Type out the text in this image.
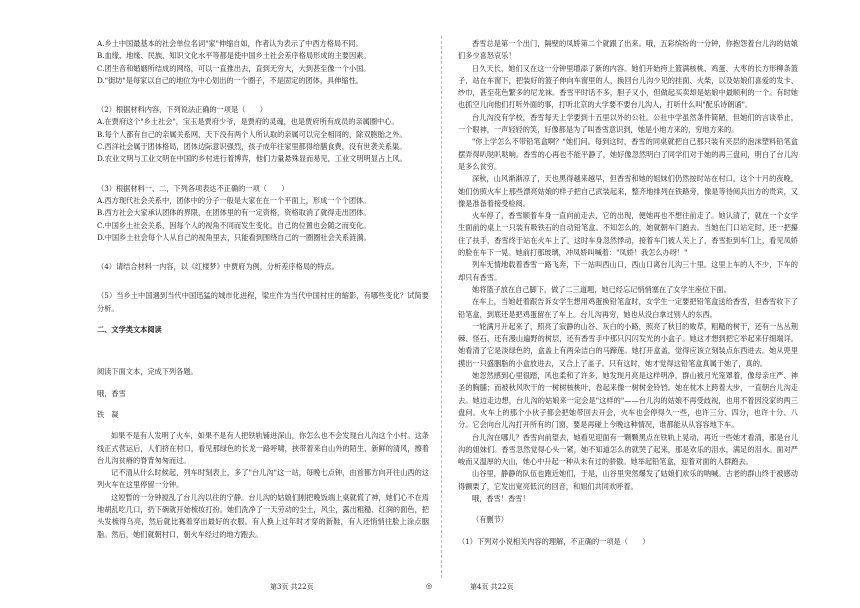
A.乡土中国最基本的社会单位名词"家"伸缩自如，作者认为表示了中西方格局不同。

B.血缘、地缘、民族、知识文化水平等都是使中国乡土社会差序格局形成的主要因素。

C.团生音和婚姻所结成的网络，可以一直推出去，直到无穷大，大到甚至像一个小国。

D."街坊"是每家以自己的地位为中心划出的一个圈子，不是固定的团体，具伸缩性。

（2）根据材料内容，下列说法正确的一项是（　　）

A.在贾府这个"乡土社会"，宝玉是贾府少爷，是贾府的灵魂，也是贾府所有成员的亲属圈中心。

B.每个人都有自己的亲属关系网，天下没有两个人所认取的亲属可以完全相同的，除双胞胎之外。

C.西洋社会属于团体格局，团体边际意识强烈，孩子成年往家里都得给膳食费，没有世袭关系渠。

D.农业文明与工业文明在中国的乡村进行着博弈，他们力量悬殊显而易见，工业文明明显占上风。

（3）根据材料一、二，下列各项表达不正确的一项（　　）

A.西方现代社会关系中，团体中的分子一般是大家在在一个平面上，形成一个个团体。

B.西方社会大家承认团体的界限，在团体里的有一定资格，资格取消了就得走出团体。

C.中国乡土社会关系，因每个人的视角不同而发生变化，自己的位置也会随之而变化。

D.中国乡土社会每个人从自己的视角里去，只能看到围绕自己的一圈圈社会关系涟漪。

（4）请结合材料一内容，以《红楼梦》中贾府为例，分析差序格局的特点。

（5）当乡土中国遇到当代中国迅猛的城市化进程，梁庄作为当代中国村庄的缩影，有哪些变化？试简要分析。

二、文学类文本阅读

阅读下面文本，完成下列各题。

哦，香雪

铁　凝

如果不是有人发明了火车，如果不是有人把铁轨铺进深山，你怎么也不会发现台儿沟这个小村。这条线正式营运后，人们挤在村口，看见那绿色的长龙一路呼啸，挟带着来自山外的陌生、新鲜的清风，擦着台儿沟贫瘠的脊背匆匆而过。

记不清从什么时候起，列车时刻表上，多了"台儿沟"这一站，每晚七点钟，由首都方向开往山西的这列火车在这里停留一分钟。

这短暂的一分钟搅乱了台儿沟以往的宁静。台儿沟的姑娘们刚把晚饭端上桌就慌了神，她们心不在焉地胡乱吃几口，扔下碗就开始梳妆打扮。她们洗净了一天劳动的尘土，风尘，露出粗糙、红润的面色，把头发梳得乌亮，然后就比赛着穿出最好的衣服。有人换上过年时才穿的新鞋，有人还悄悄往脸上涂点胭脂。然后，她们就朝村口，朝火车经过的地方跑去。

香雪总是第一个出门，隔壁的凤娇第二个就跟了出来。哦，五彩缤纷的一分钟，你抱怨着台儿沟的姑娘们多少喜怒哀乐！

日久天长，她们又在这一分钟里增添了新的内容。她们开始挎上篮满核桃、鸡蛋、大枣的长方形柳条篮子，站在车窗下，把装好的篮子伸向车窗里的人，换回台儿沟少见的挂面、火柴，以及姑娘们喜爱的发卡、纱巾，甚至花色繁多的尼龙袜。香雪平时话不多，胆子又小，但做起买卖却是姑娘中最顺利的一个。有时她也抓空儿向他们打听外面的事，打听北京的大学要不要台儿沟人，打听什么叫"配乐诗朗诵"。

台儿沟没有学校，香雪每天上学要到十五里以外的公社。公社中学虽然条件简陋，但她们的言谈举止，一个眼神，一声轻轻的笑，好像都是为了叫香雪意识到，她是小地方来的，穷地方来的。

"你上学怎么不带铅笔盒啊？"她们问。每到这时，香雪的同桌就把自己那只装有夹层的泡沫塑料铅笔盒摆弄得叭哒叭哒响。香雪的心再也不能平静了，她好像忽然明白了同学们对于她的再三盘问，明白了台儿沟是多么贫穷。

深秋，山风渐渐凉了，天也黑得越来越早，但香雪和她的姐妹们仍然按时站在村口，这个十月的夜晚，她们仿照火车上那些漂亮姑娘的样子把自己武装起来，整齐地排列在铁路旁，像是等待阅兵出方的贵宾，又像是准备着接受检阅。

火车停了，香雪顺着车身一直向前走去，它的出现，便她再也不想往前走了。她认清了，就在一个女学生面前的桌上一只装有吸铁石的自动铅笔盒。不知怎么的，她就朝车门跑去。当她在门口站定时，还一把攥住了扶手，香雪终于站在火车上了。这时车身忽然悸动，接着车门被人关上了，香雪拒到车门上，看见凤娇的脸在车下一晃。她前打那玻璃，冲凤娇叫喊着："凤娇！我怎么办呀！"

列车无情地载着香雪一路飞奔，下一站叫西山口，西山口离台儿沟三十里。这里上车的人不少，下车的却只有香雪。

她将篮子放在自己脚下，做了二三道题，她已经忘记悄悄塞在了女学生座位下面。

在车上，当她赶着跟告诉女学生想用鸡蛋换铅笔盒时，女学生一定要把铅笔盒送给香雪，但香雪收下了铅笔盒，到底还是把鸡蛋留在了车上。台儿沟再穷，她也从没白拿过别人的东西。

一轮满月升起来了，照亮了寂静的山谷、灰白的小路，照亮了秋日的败草，粗糙的树干，还有一丛丛荆棘、怪石，还有漫山遍野的树层，还有香雪手中那只闪闪发光的小盒子。她这才想到把它举起来仔细端详。她看清了它是淡绿色的，盒盖上有两朵洁白的马蹄莲。她打开盒盖，觉得应该立刻装点东西进去。她从兜里摸出一只盛胭脂的小盒放进去，又合上了盖子。只有这时，她才觉得这铅笔盒真属于她了，真的。

她忽然感到心里很踏，风也柔和了许多，她发现月亮是这样明净，群山被月光笼罩着，像母亲庄严、神圣的胸脯；而被秋风吹干的一树树核桃叶，卷起来像一树树金铃铛。她在枕木上跨着大步，一直朝台儿沟走去。她边走边想，台儿沟的姑娘来一定会是"这样的"——台儿沟的姑娘不再受歧视，也用不着因没家的两三盘问。火车上的那个小伙子都会把她带回去开会，火车也会停得久一些，也许三分、四分，也许十分、八分。它会向台儿沟打开所有的门窗，要是再碰上今晚这种情况，谁都能从从容容地下车。

台儿沟在哪儿？香雪向前望去，她看见迎面有一颗颗黑点在铁轨上晃动，再近一些她才看清，那是台儿沟的姐妹们。香雪忽然觉得心头一紧，她不知道怎么的就哭了起来，那是欢乐的泪水，满足的泪水。面对严峻而又温厚的大山，她心中升起一种从未有过的骄傲。她举起铅笔盒，迎着对面的人群跑去。

山谷里，静静的队伍也跑近她们，于是，山谷里突然爆发了姑娘们欢乐的呐喊。古老的群山终于被感动得颤栗了，它发出宽亮低沉的回音，和姐们共同欢呼着。

哦，香雪！香雪！

（有删节）

（1）下列对小说相关内容的理解，不正确的一项是（　　）

第3页 共22页	◎	第4页 共22页
